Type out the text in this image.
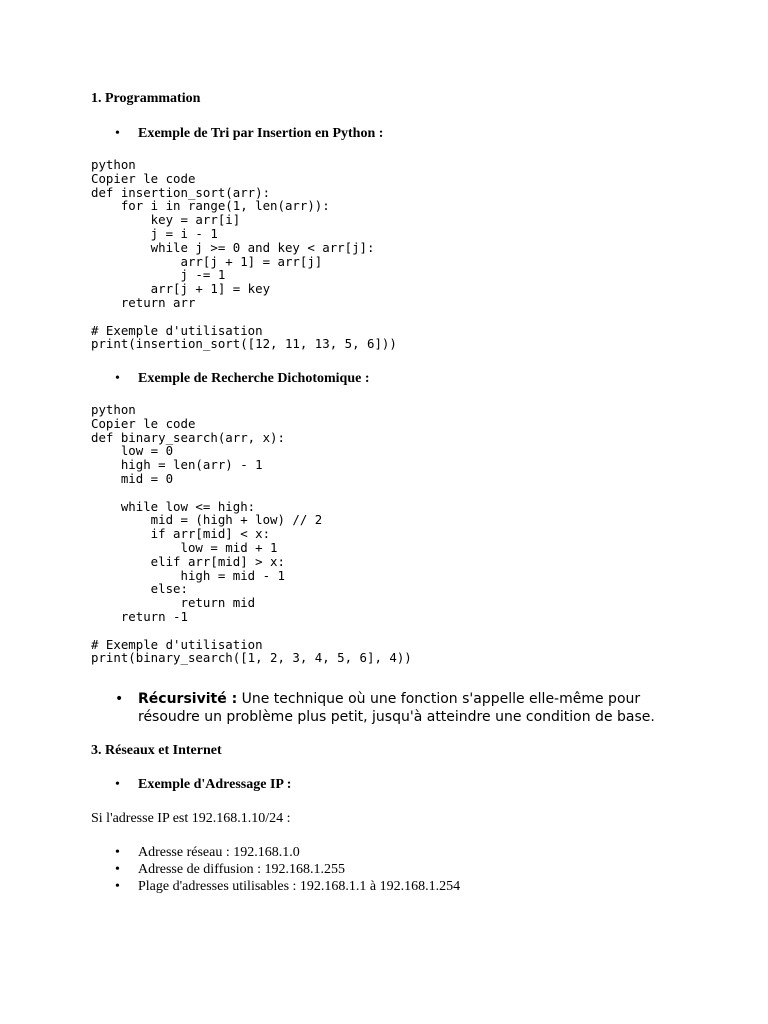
1. Programmation
•	Exemple de Tri par Insertion en Python :
python
Copier le code
def insertion_sort(arr):
for i in range(1, len(arr)):
key = arr[i]
j = i - 1
while j >= 0 and key < arr[j]:
arr[j + 1] = arr[j]
j -= 1
arr[j + 1] = key
return arr

# Exemple d'utilisation
print(insertion_sort([12, 11, 13, 5, 6]))
•	Exemple de Recherche Dichotomique :
python
Copier le code
def binary_search(arr, x):
low = 0
high = len(arr) - 1
mid = 0

while low <= high:
mid = (high + low) // 2
if arr[mid] < x:
low = mid + 1
elif arr[mid] > x:
high = mid - 1
else:
return mid
return -1

# Exemple d'utilisation
print(binary_search([1, 2, 3, 4, 5, 6], 4))
• Récursivité : Une technique où une fonction s'appelle elle-même pour résoudre un problème plus petit, jusqu'à atteindre une condition de base.
3. Réseaux et Internet
•	Exemple d'Adressage IP :

Si l'adresse IP est 192.168.1.10/24 :

• Adresse réseau : 192.168.1.0
• Adresse de diffusion : 192.168.1.255
• Plage d'adresses utilisables : 192.168.1.1 à 192.168.1.254
